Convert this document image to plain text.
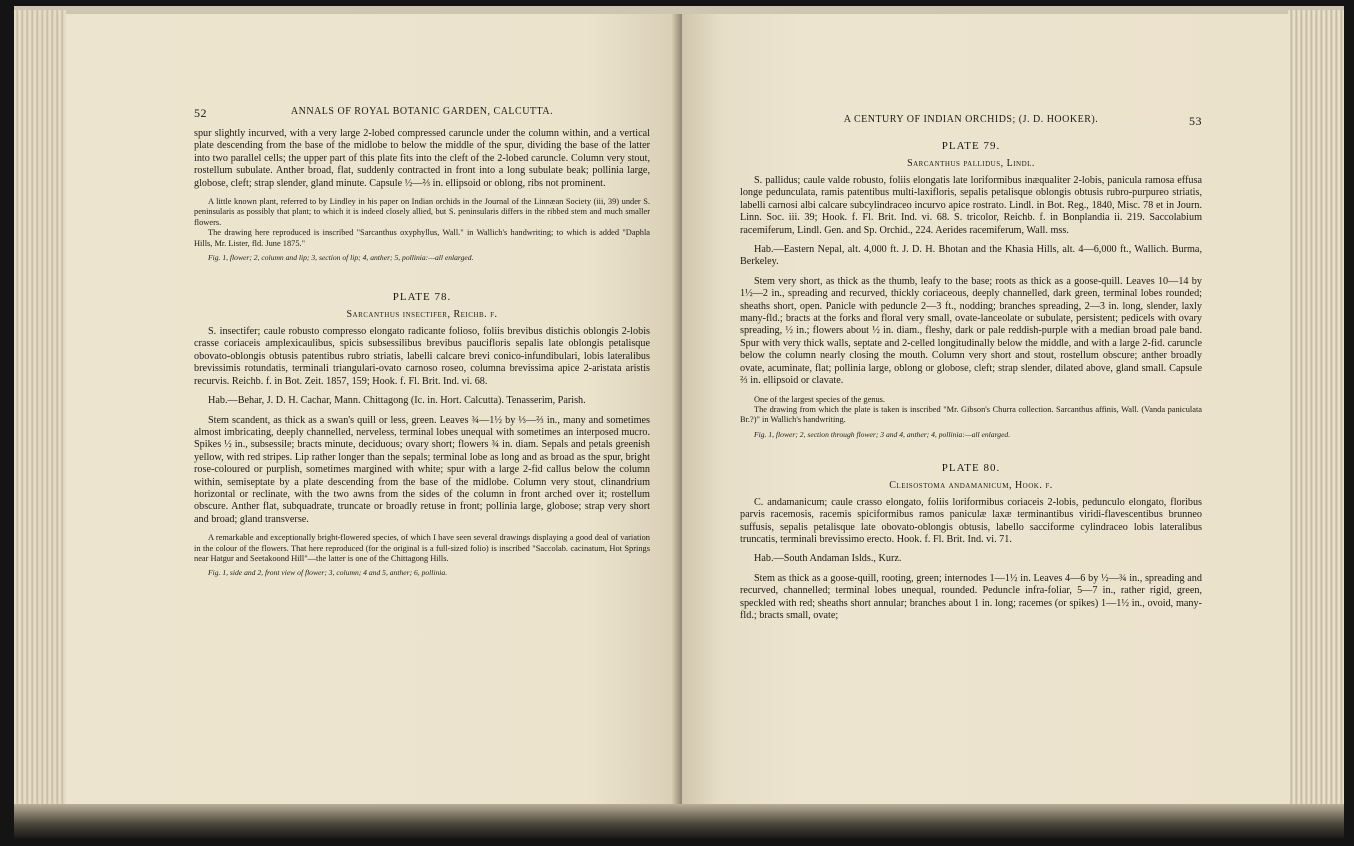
52	ANNALS OF ROYAL BOTANIC GARDEN, CALCUTTA.

spur slightly incurved, with a very large 2-lobed compressed caruncle under the column within, and a vertical plate descending from the base of the midlobe to below the middle of the spur, dividing the base of the latter into two parallel cells; the upper part of this plate fits into the cleft of the 2-lobed caruncle. Column very stout, rostellum subulate. Anther broad, flat, suddenly contracted in front into a long subulate beak; pollinia large, globose, cleft; strap slender, gland minute. Capsule ½—⅔ in. ellipsoid or oblong, ribs not prominent.

A little known plant, referred to by Lindley in his paper on Indian orchids in the Journal of the Linnæan Society (iii, 39) under S. peninsularis as possibly that plant; to which it is indeed closely allied, but S. peninsularis differs in the ribbed stem and much smaller flowers.

The drawing here reproduced is inscribed "Sarcanthus oxyphyllus, Wall." in Wallich's handwriting; to which is added "Daphla Hills, Mr. Lister, fld. June 1875."

Fig. 1, flower; 2, column and lip; 3, section of lip; 4, anther; 5, pollinia:—all enlarged.

PLATE 78.
Sarcanthus insectifer, Reichb. f.

S. insectifer; caule robusto compresso elongato radicante folioso, foliis brevibus distichis oblongis 2-lobis crasse coriaceis amplexicaulibus, spicis subsessilibus brevibus paucifloris sepalis late oblongis petalisque obovato-oblongis obtusis patentibus rubro striatis, labelli calcare brevi conico-infundibulari, lobis lateralibus brevissimis rotundatis, terminali triangulari-ovato carnoso roseo, columna brevissima apice 2-aristata aristis recurvis. Reichb. f. in Bot. Zeit. 1857, 159; Hook. f. Fl. Brit. Ind. vi. 68.

Hab.—Behar, J. D. H. Cachar, Mann. Chittagong (Ic. in. Hort. Calcutta). Tenasserim, Parish.

Stem scandent, as thick as a swan's quill or less, green. Leaves ¾—1½ by ⅓—⅔ in., many and sometimes almost imbricating, deeply channelled, nerveless, terminal lobes unequal with sometimes an interposed mucro. Spikes ½ in., subsessile; bracts minute, deciduous; ovary short; flowers ¾ in. diam. Sepals and petals greenish yellow, with red stripes. Lip rather longer than the sepals; terminal lobe as long and as broad as the spur, bright rose-coloured or purplish, sometimes margined with white; spur with a large 2-fid callus below the column within, semiseptate by a plate descending from the base of the midlobe. Column very stout, clinandrium horizontal or reclinate, with the two awns from the sides of the column in front arched over it; rostellum obscure. Anther flat, subquadrate, truncate or broadly retuse in front; pollinia large, globose; strap very short and broad; gland transverse.

A remarkable and exceptionally bright-flowered species, of which I have seen several drawings displaying a good deal of variation in the colour of the flowers. That here reproduced (for the original is a full-sized folio) is inscribed "Saccolab. cacinatum, Hot Springs near Hatgur and Seetakoond Hill"—the latter is one of the Chittagong Hills.

Fig. 1, side and 2, front view of flower; 3, column; 4 and 5, anther; 6, pollinia.

A CENTURY OF INDIAN ORCHIDS; (J. D. HOOKER).	53
PLATE 79.
Sarcanthus pallidus, Lindl.

S. pallidus; caule valde robusto, foliis elongatis late loriformibus inæqualiter 2-lobis, panicula ramosa effusa longe pedunculata, ramis patentibus multi-laxifloris, sepalis petalisque oblongis obtusis rubro-purpureo striatis, labelli carnosi albi calcare subcylindraceo incurvo apice rostrato. Lindl. in Bot. Reg., 1840, Misc. 78 et in Journ. Linn. Soc. iii. 39; Hook. f. Fl. Brit. Ind. vi. 68. S. tricolor, Reichb. f. in Bonplandia ii. 219. Saccolabium racemiferum, Lindl. Gen. and Sp. Orchid., 224. Aerides racemiferum, Wall. mss.

Hab.—Eastern Nepal, alt. 4,000 ft. J. D. H. Bhotan and the Khasia Hills, alt. 4—6,000 ft., Wallich. Burma, Berkeley.

Stem very short, as thick as the thumb, leafy to the base; roots as thick as a goose-quill. Leaves 10—14 by 1½—2 in., spreading and recurved, thickly coriaceous, deeply channelled, dark green, terminal lobes rounded; sheaths short, open. Panicle with peduncle 2—3 ft., nodding; branches spreading, 2—3 in. long, slender, laxly many-fld.; bracts at the forks and floral very small, ovate-lanceolate or subulate, persistent; pedicels with ovary spreading, ½ in.; flowers about ½ in. diam., fleshy, dark or pale reddish-purple with a median broad pale band. Spur with very thick walls, septate and 2-celled longitudinally below the middle, and with a large 2-fid. caruncle below the column nearly closing the mouth. Column very short and stout, rostellum obscure; anther broadly ovate, acuminate, flat; pollinia large, oblong or globose, cleft; strap slender, dilated above, gland small. Capsule ⅔ in. ellipsoid or clavate.

One of the largest species of the genus.

The drawing from which the plate is taken is inscribed "Mr. Gibson's Churra collection. Sarcanthus affinis, Wall. (Vanda paniculata Br.?)" in Wallich's handwriting.

Fig. 1, flower; 2, section through flower; 3 and 4, anther; 4, pollinia:—all enlarged.

PLATE 80.
Cleisostoma andamanicum, Hook. f.

C. andamanicum; caule crasso elongato, foliis loriformibus coriaceis 2-lobis, pedunculo elongato, floribus parvis racemosis, racemis spiciformibus ramos paniculæ laxæ terminantibus viridi-flavescentibus brunneo suffusis, sepalis petalisque late obovato-oblongis obtusis, labello sacciforme cylindraceo lobis lateralibus truncatis, terminali brevissimo erecto. Hook. f. Fl. Brit. Ind. vi. 71.

Hab.—South Andaman Islds., Kurz.

Stem as thick as a goose-quill, rooting, green; internodes 1—1½ in. Leaves 4—6 by ½—¾ in., spreading and recurved, channelled; terminal lobes unequal, rounded. Peduncle infra-foliar, 5—7 in., rather rigid, green, speckled with red; sheaths short annular; branches about 1 in. long; racemes (or spikes) 1—1½ in., ovoid, many-fld.; bracts small, ovate;
